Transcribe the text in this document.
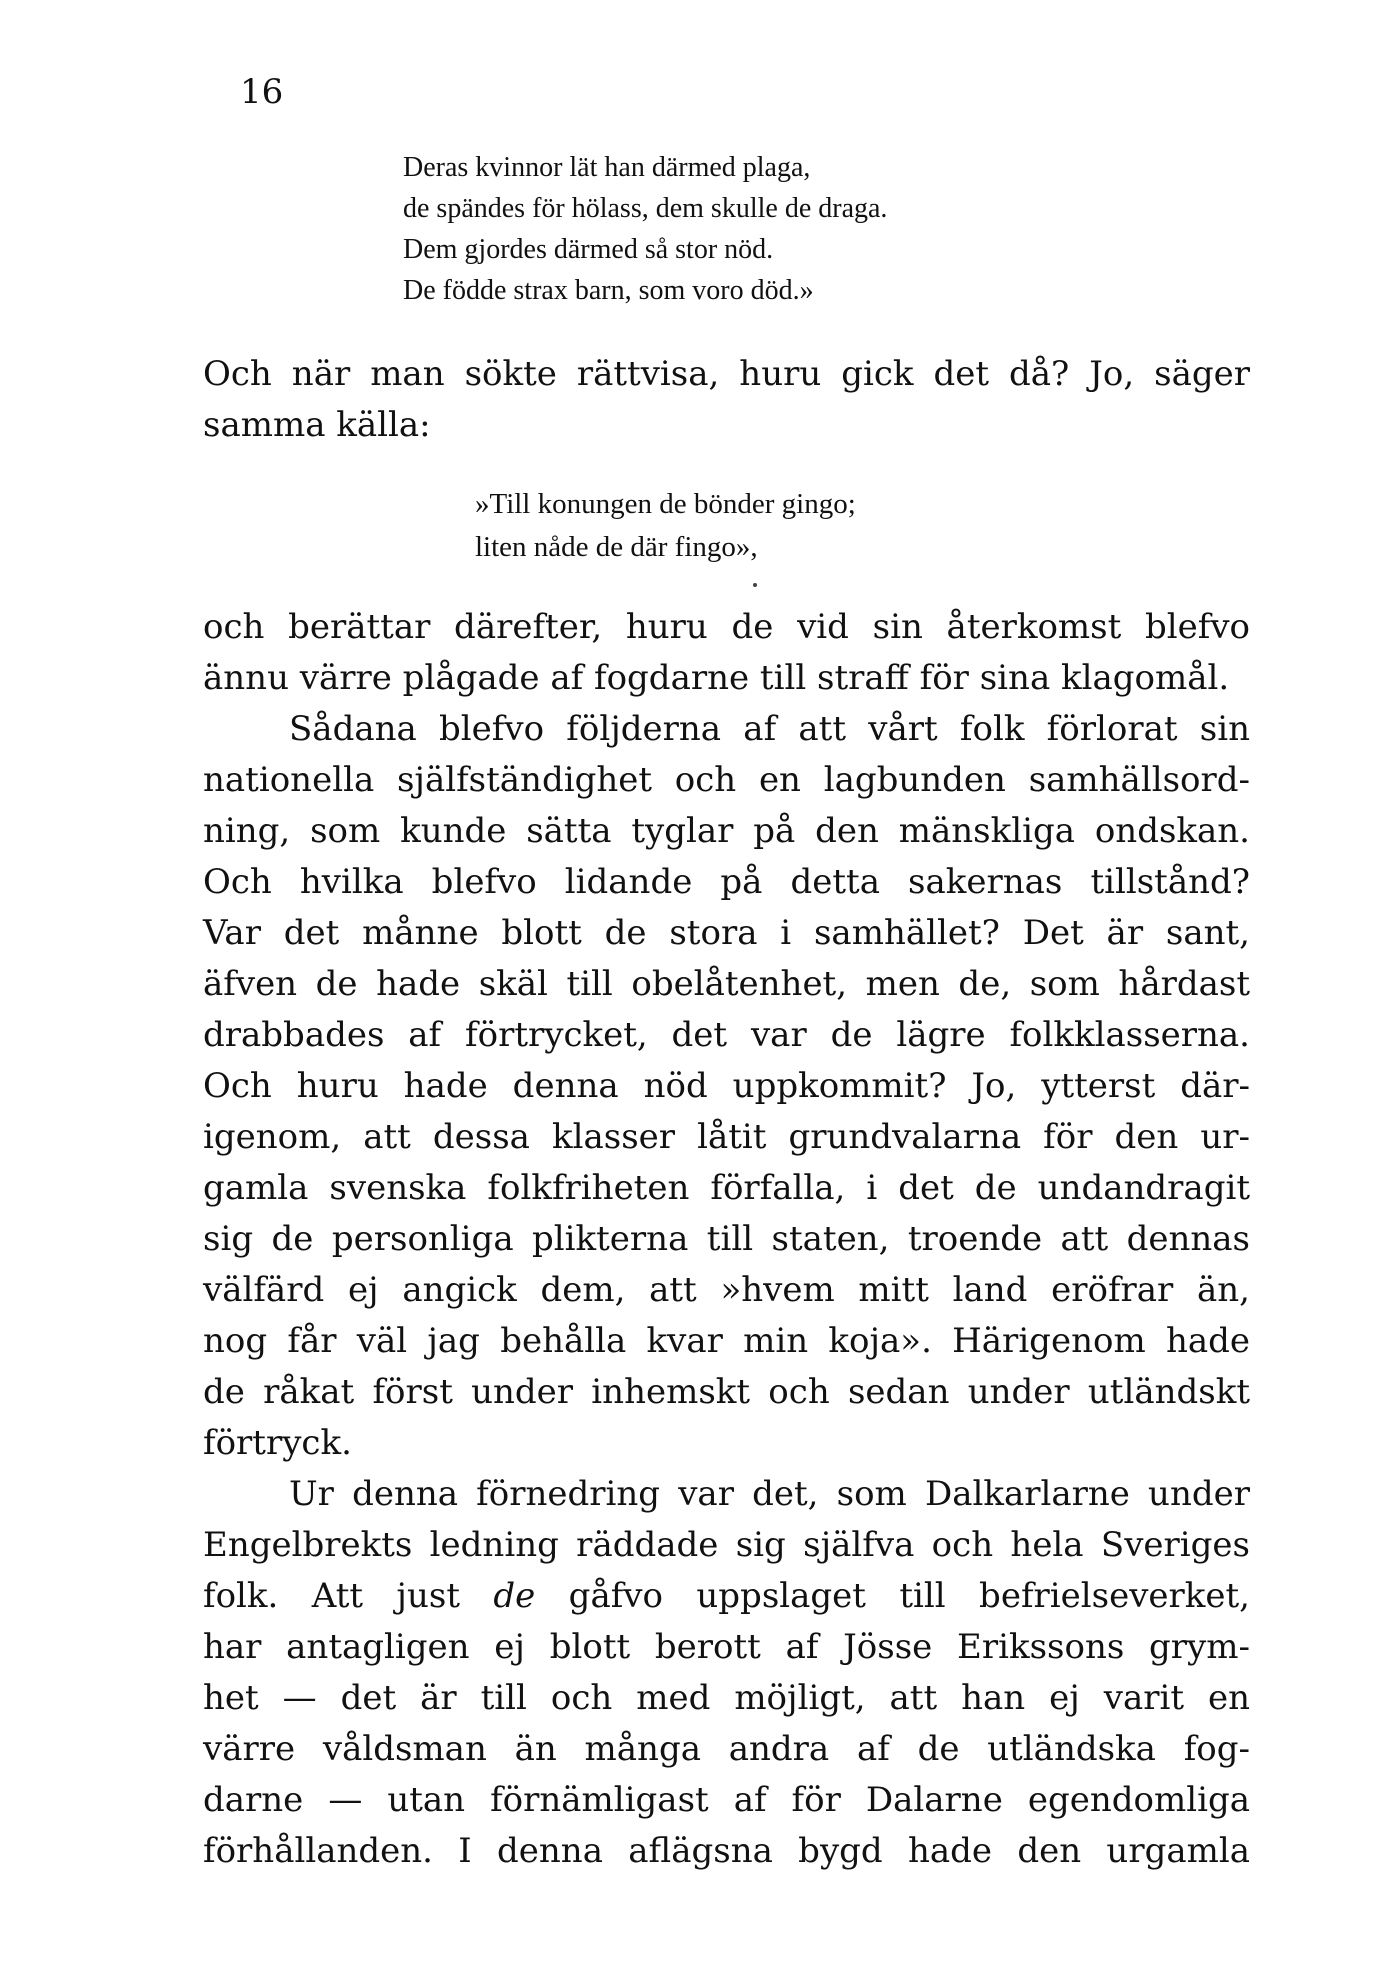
16
Deras kvinnor lät han därmed plaga,
de spändes för hölass, dem skulle de draga.
Dem gjordes därmed så stor nöd.
De födde strax barn, som voro död.»
Och när man sökte rättvisa, huru gick det då? Jo, säger
samma källa:
»Till konungen de bönder gingo;
liten nåde de där fingo»,
och berättar därefter, huru de vid sin återkomst blefvo
ännu värre plågade af fogdarne till straff för sina klagomål.
Sådana blefvo följderna af att vårt folk förlorat sin
nationella själfständighet och en lagbunden samhällsord-
ning, som kunde sätta tyglar på den mänskliga ondskan.
Och hvilka blefvo lidande på detta sakernas tillstånd?
Var det månne blott de stora i samhället? Det är sant,
äfven de hade skäl till obelåtenhet, men de, som hårdast
drabbades af förtrycket, det var de lägre folkklasserna.
Och huru hade denna nöd uppkommit? Jo, ytterst där-
igenom, att dessa klasser låtit grundvalarna för den ur-
gamla svenska folkfriheten förfalla, i det de undandragit
sig de personliga plikterna till staten, troende att dennas
välfärd ej angick dem, att »hvem mitt land eröfrar än,
nog får väl jag behålla kvar min koja». Härigenom hade
de råkat först under inhemskt och sedan under utländskt
förtryck.
Ur denna förnedring var det, som Dalkarlarne under
Engelbrekts ledning räddade sig själfva och hela Sveriges
folk. Att just de gåfvo uppslaget till befrielseverket,
har antagligen ej blott berott af Jösse Erikssons grym-
het — det är till och med möjligt, att han ej varit en
värre våldsman än många andra af de utländska fog-
darne — utan förnämligast af för Dalarne egendomliga
förhållanden. I denna aflägsna bygd hade den urgamla
